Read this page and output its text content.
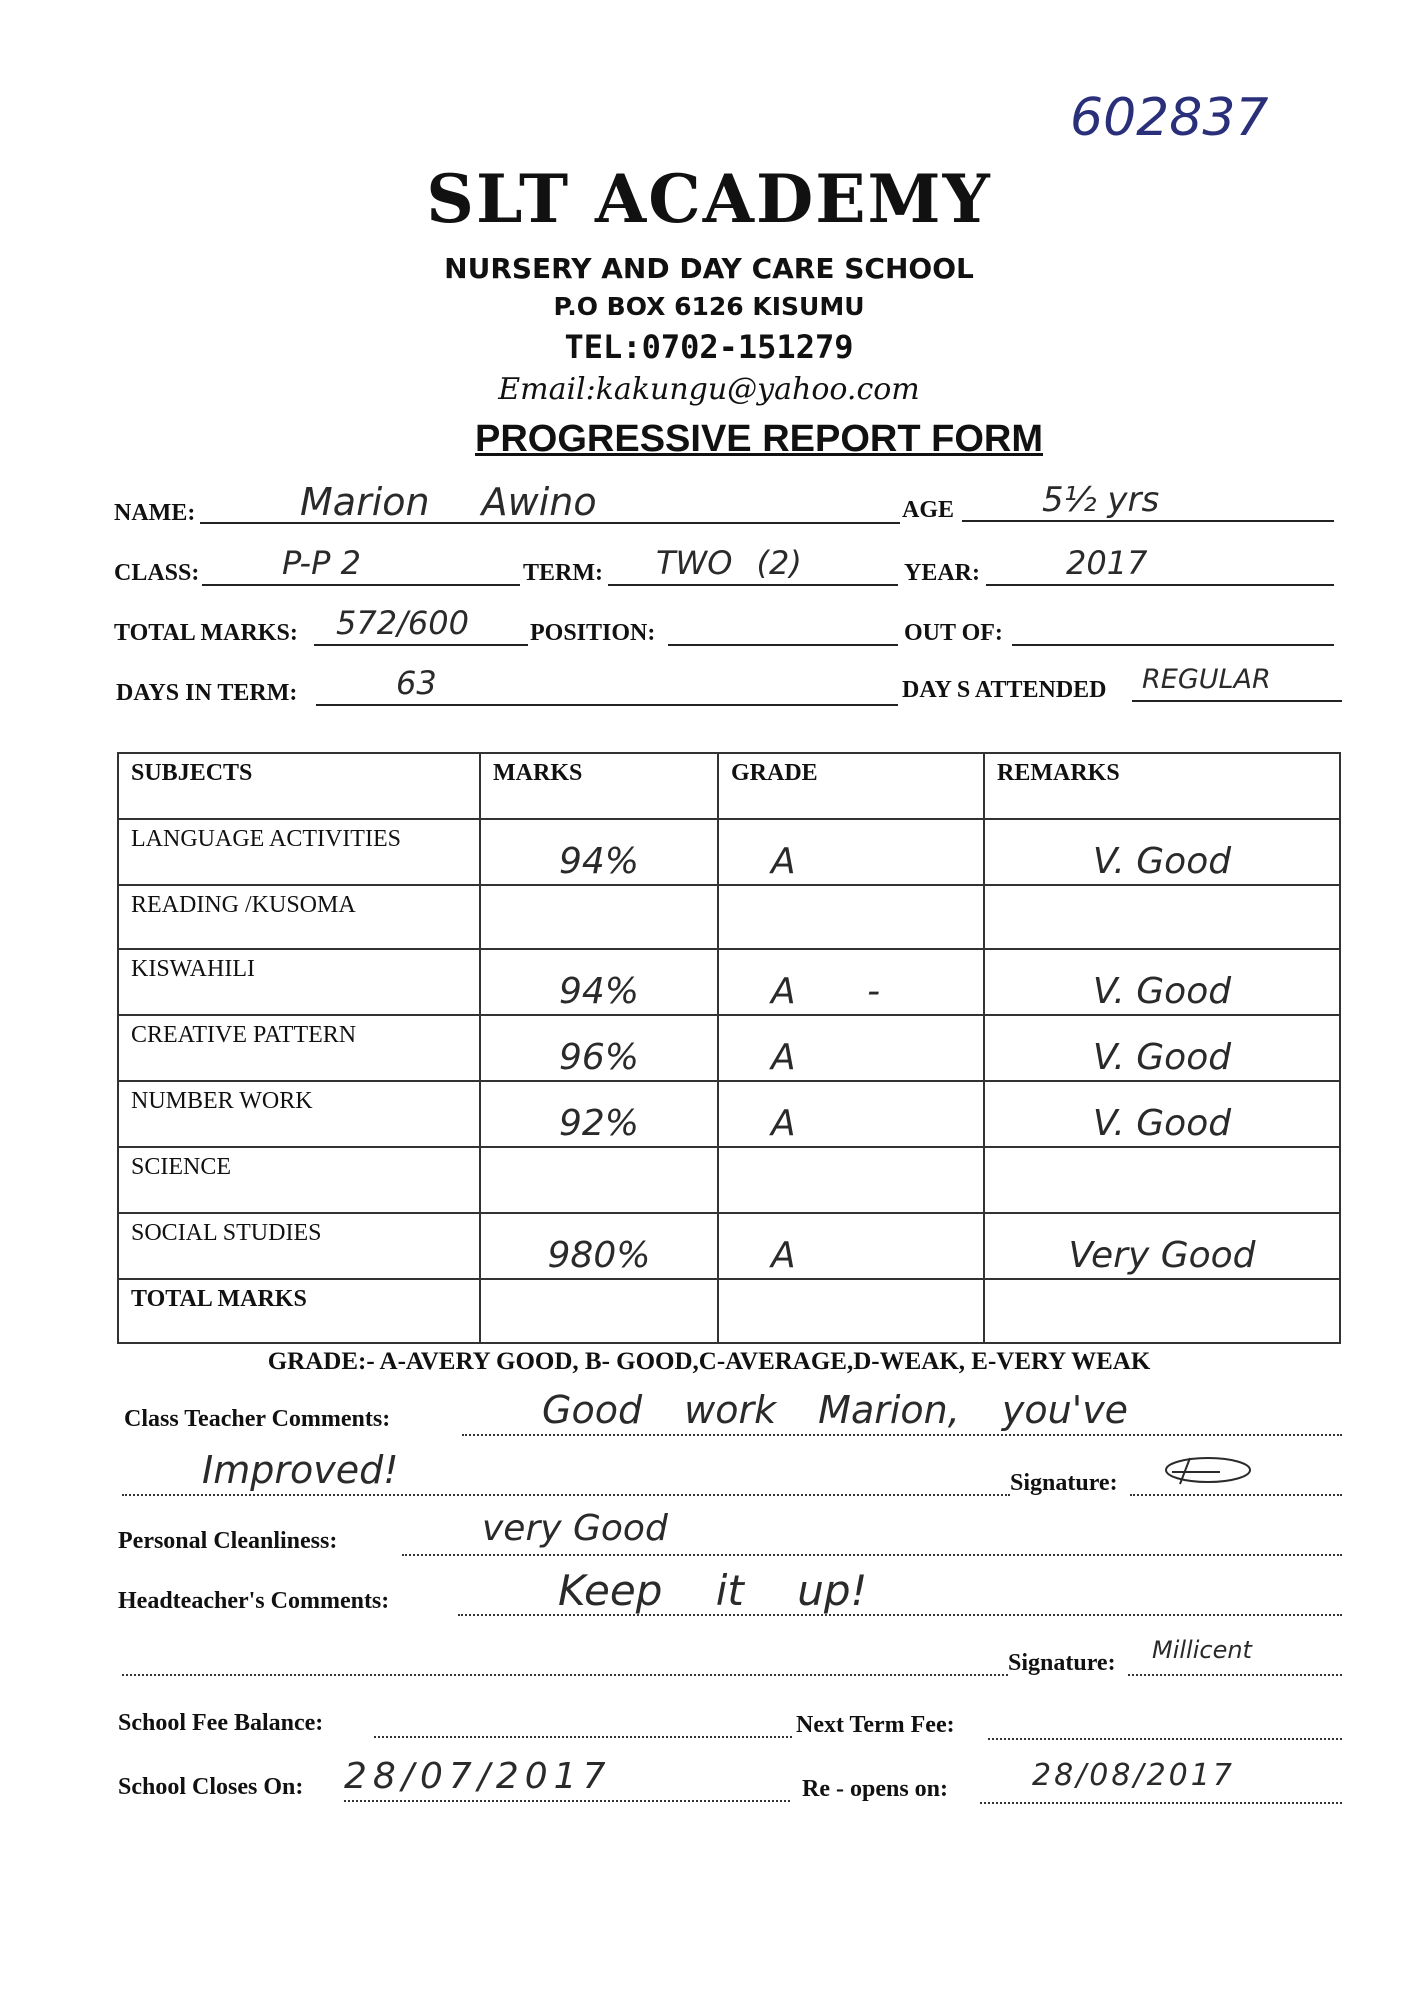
602837
SLT ACADEMY
NURSERY AND DAY CARE SCHOOL
P.O BOX 6126 KISUMU
TEL:0702-151279
Email:kakungu@yahoo.com
PROGRESSIVE REPORT FORM
NAME:	Marion Awino	AGE	5½ yrs
CLASS:	P-P 2	TERM: TWO (2)	YEAR:	2017
TOTAL MARKS: 572/600	POSITION:	OUT OF:
DAYS IN TERM:	63	DAY S ATTENDED REGULAR
SUBJECTS	MARKS	GRADE	REMARKS

LANGUAGE ACTIVITIES	94%	A	V. Good

READING /KUSOMA			

KISWAHILI	94%	A -	V. Good

CREATIVE PATTERN	96%	A	V. Good

NUMBER WORK	92%	A	V. Good

SCIENCE			

SOCIAL STUDIES	980%	A	Very Good

TOTAL MARKS			

GRADE:- A-AVERY GOOD, B- GOOD,C-AVERAGE,D-WEAK, E-VERY WEAK
Class Teacher Comments:	Good work Marion, you've
Improved!	Signature:
Personal Cleanliness:	very Good
Headteacher's Comments:	Keep it up!
Signature: Millicent
School Fee Balance:	Next Term Fee:
School Closes On: 28/07/2017	Re - opens on:	28/08/2017
